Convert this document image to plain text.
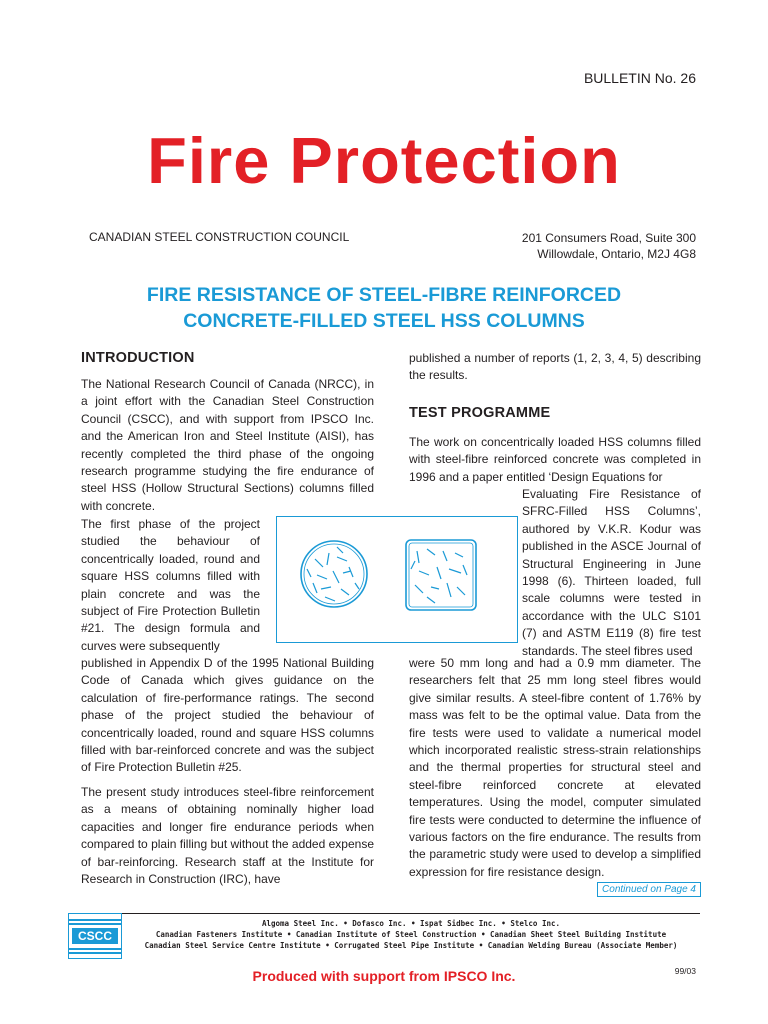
BULLETIN No. 26
Fire Protection
CANADIAN STEEL CONSTRUCTION COUNCIL	201 Consumers Road, Suite 300
Willowdale, Ontario, M2J 4G8
FIRE RESISTANCE OF STEEL-FIBRE REINFORCED
CONCRETE-FILLED STEEL HSS COLUMNS
INTRODUCTION

The National Research Council of Canada (NRCC), in a joint effort with the Canadian Steel Construction Council (CSCC), and with support from IPSCO Inc. and the American Iron and Steel Institute (AISI), has recently completed the third phase of the ongoing research programme studying the fire endurance of steel HSS (Hollow Structural Sections) columns filled with concrete.

The first phase of the project studied the behaviour of concentrically loaded, round and square HSS columns filled with plain concrete and was the subject of Fire Protection Bulletin #21. The design formula and curves were subsequently

published in Appendix D of the 1995 National Building Code of Canada which gives guidance on the calculation of fire-performance ratings. The second phase of the project studied the behaviour of concentrically loaded, round and square HSS columns filled with bar-reinforced concrete and was the subject of Fire Protection Bulletin #25.

The present study introduces steel-fibre reinforcement as a means of obtaining nominally higher load capacities and longer fire endurance periods when compared to plain filling but without the added expense of bar-reinforcing. Research staff at the Institute for Research in Construction (IRC), have

published a number of reports (1, 2, 3, 4, 5) describing the results.

TEST PROGRAMME

The work on concentrically loaded HSS columns filled with steel-fibre reinforced concrete was completed in 1996 and a paper entitled ‘Design Equations for

Evaluating Fire Resistance of SFRC-Filled HSS Columns’, authored by V.K.R. Kodur was published in the ASCE Journal of Structural Engineering in June 1998 (6). Thirteen loaded, full scale columns were tested in accordance with the ULC S101 (7) and ASTM E119 (8) fire test standards. The steel fibres used

were 50 mm long and had a 0.9 mm diameter. The researchers felt that 25 mm long steel fibres would give similar results. A steel-fibre content of 1.76% by mass was felt to be the optimal value. Data from the fire tests were used to validate a numerical model which incorporated realistic stress-strain relationships and the thermal properties for structural steel and steel-fibre reinforced concrete at elevated temperatures. Using the model, computer simulated fire tests were conducted to determine the influence of various factors on the fire endurance. The results from the parametric study were used to develop a simplified expression for fire resistance design.

Continued on Page 4
CSCC
Algoma Steel Inc. • Dofasco Inc. • Ispat Sidbec Inc. • Stelco Inc.
Canadian Fasteners Institute • Canadian Institute of Steel Construction • Canadian Sheet Steel Building Institute
Canadian Steel Service Centre Institute • Corrugated Steel Pipe Institute • Canadian Welding Bureau (Associate Member)
99/03
Produced with support from IPSCO Inc.
